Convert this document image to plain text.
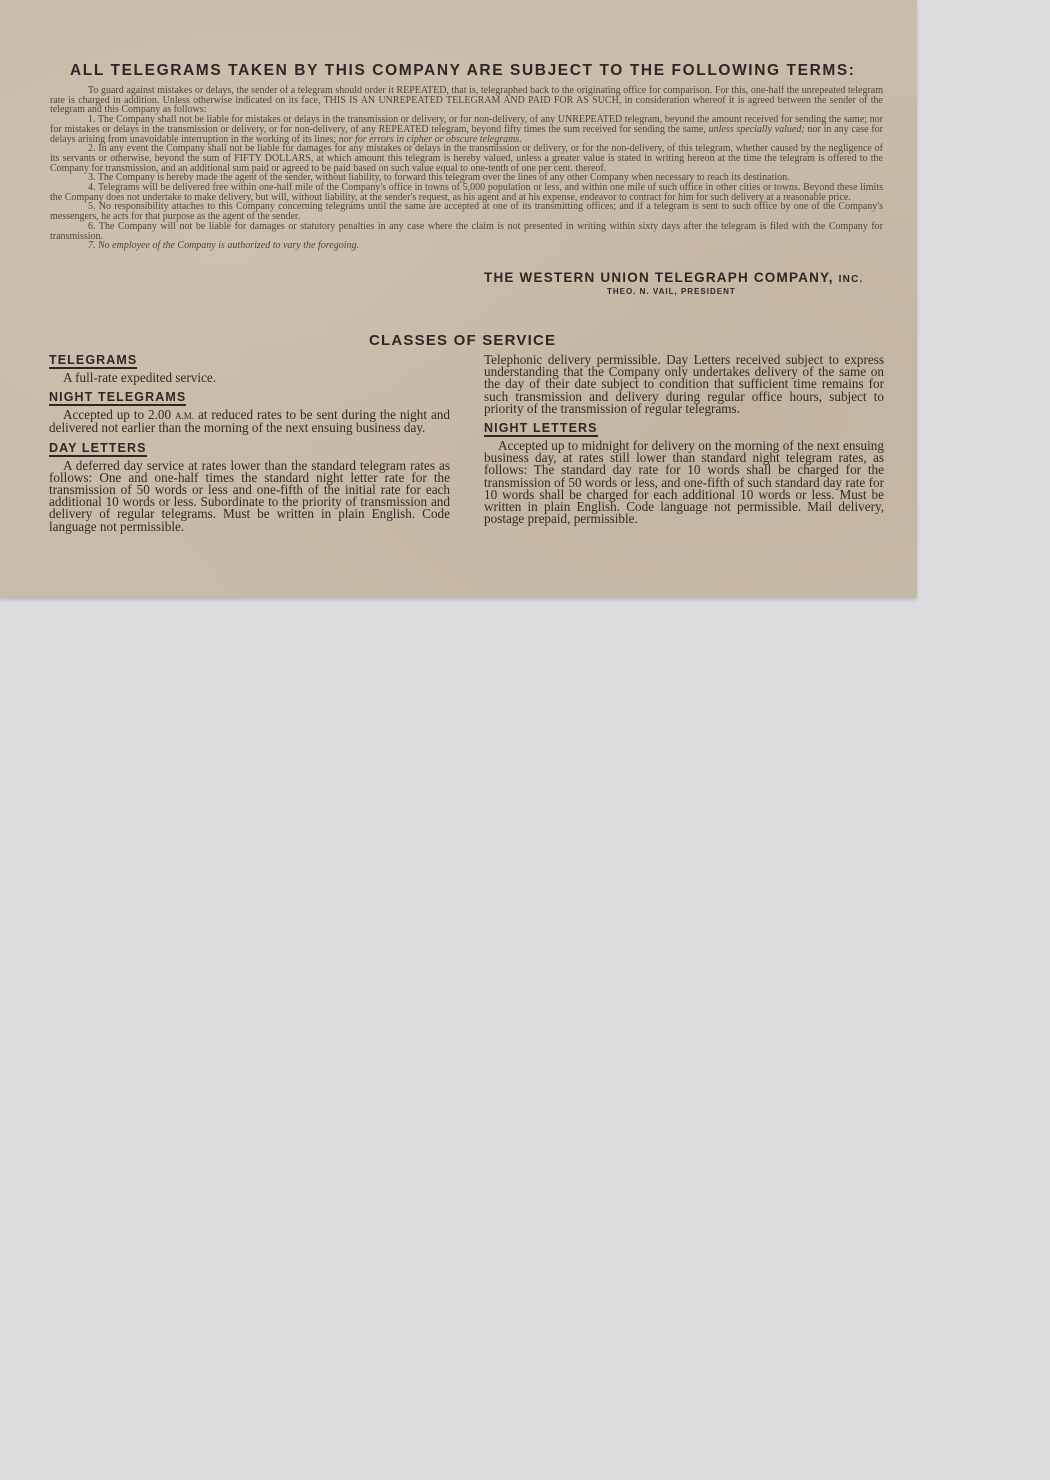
ALL TELEGRAMS TAKEN BY THIS COMPANY ARE SUBJECT TO THE FOLLOWING TERMS:

To guard against mistakes or delays, the sender of a telegram should order it REPEATED, that is, telegraphed back to the originating office for comparison. For this, one-half the unrepeated telegram rate is charged in addition. Unless otherwise indicated on its face, THIS IS AN UNREPEATED TELEGRAM AND PAID FOR AS SUCH, in consideration whereof it is agreed between the sender of the telegram and this Company as follows:

1. The Company shall not be liable for mistakes or delays in the transmission or delivery, or for non-delivery, of any UNREPEATED telegram, beyond the amount received for sending the same; nor for mistakes or delays in the transmission or delivery, or for non-delivery, of any REPEATED telegram, beyond fifty times the sum received for sending the same, unless specially valued; nor in any case for delays arising from unavoidable interruption in the working of its lines; nor for errors in cipher or obscure telegrams.

2. In any event the Company shall not be liable for damages for any mistakes or delays in the transmission or delivery, or for the non-delivery, of this telegram, whether caused by the negligence of its servants or otherwise, beyond the sum of FIFTY DOLLARS, at which amount this telegram is hereby valued, unless a greater value is stated in writing hereon at the time the telegram is offered to the Company for transmission, and an additional sum paid or agreed to be paid based on such value equal to one-tenth of one per cent. thereof.

3. The Company is hereby made the agent of the sender, without liability, to forward this telegram over the lines of any other Company when necessary to reach its destination.

4. Telegrams will be delivered free within one-half mile of the Company's office in towns of 5,000 population or less, and within one mile of such office in other cities or towns. Beyond these limits the Company does not undertake to make delivery, but will, without liability, at the sender's request, as his agent and at his expense, endeavor to contract for him for such delivery at a reasonable price.

5. No responsibility attaches to this Company concerning telegrams until the same are accepted at one of its transmitting offices; and if a telegram is sent to such office by one of the Company's messengers, he acts for that purpose as the agent of the sender.

6. The Company will not be liable for damages or statutory penalties in any case where the claim is not presented in writing within sixty days after the telegram is filed with the Company for transmission.

7. No employee of the Company is authorized to vary the foregoing.

THE WESTERN UNION TELEGRAPH COMPANY, INC.
THEO. N. VAIL, PRESIDENT
CLASSES OF SERVICE
TELEGRAMS

A full-rate expedited service.

NIGHT TELEGRAMS

Accepted up to 2.00 A.M. at reduced rates to be sent during the night and delivered not earlier than the morning of the next ensuing business day.

DAY LETTERS

A deferred day service at rates lower than the standard telegram rates as follows: One and one-half times the standard night letter rate for the transmission of 50 words or less and one-fifth of the initial rate for each additional 10 words or less. Subordinate to the priority of transmission and delivery of regular telegrams. Must be written in plain English. Code language not permissible.

Telephonic delivery permissible. Day Letters received subject to express understanding that the Company only undertakes delivery of the same on the day of their date subject to condition that sufficient time remains for such transmission and delivery during regular office hours, subject to priority of the transmission of regular telegrams.

NIGHT LETTERS

Accepted up to midnight for delivery on the morning of the next ensuing business day, at rates still lower than standard night telegram rates, as follows: The standard day rate for 10 words shall be charged for the transmission of 50 words or less, and one-fifth of such standard day rate for 10 words shall be charged for each additional 10 words or less. Must be written in plain English. Code language not permissible. Mail delivery, postage prepaid, permissible.
